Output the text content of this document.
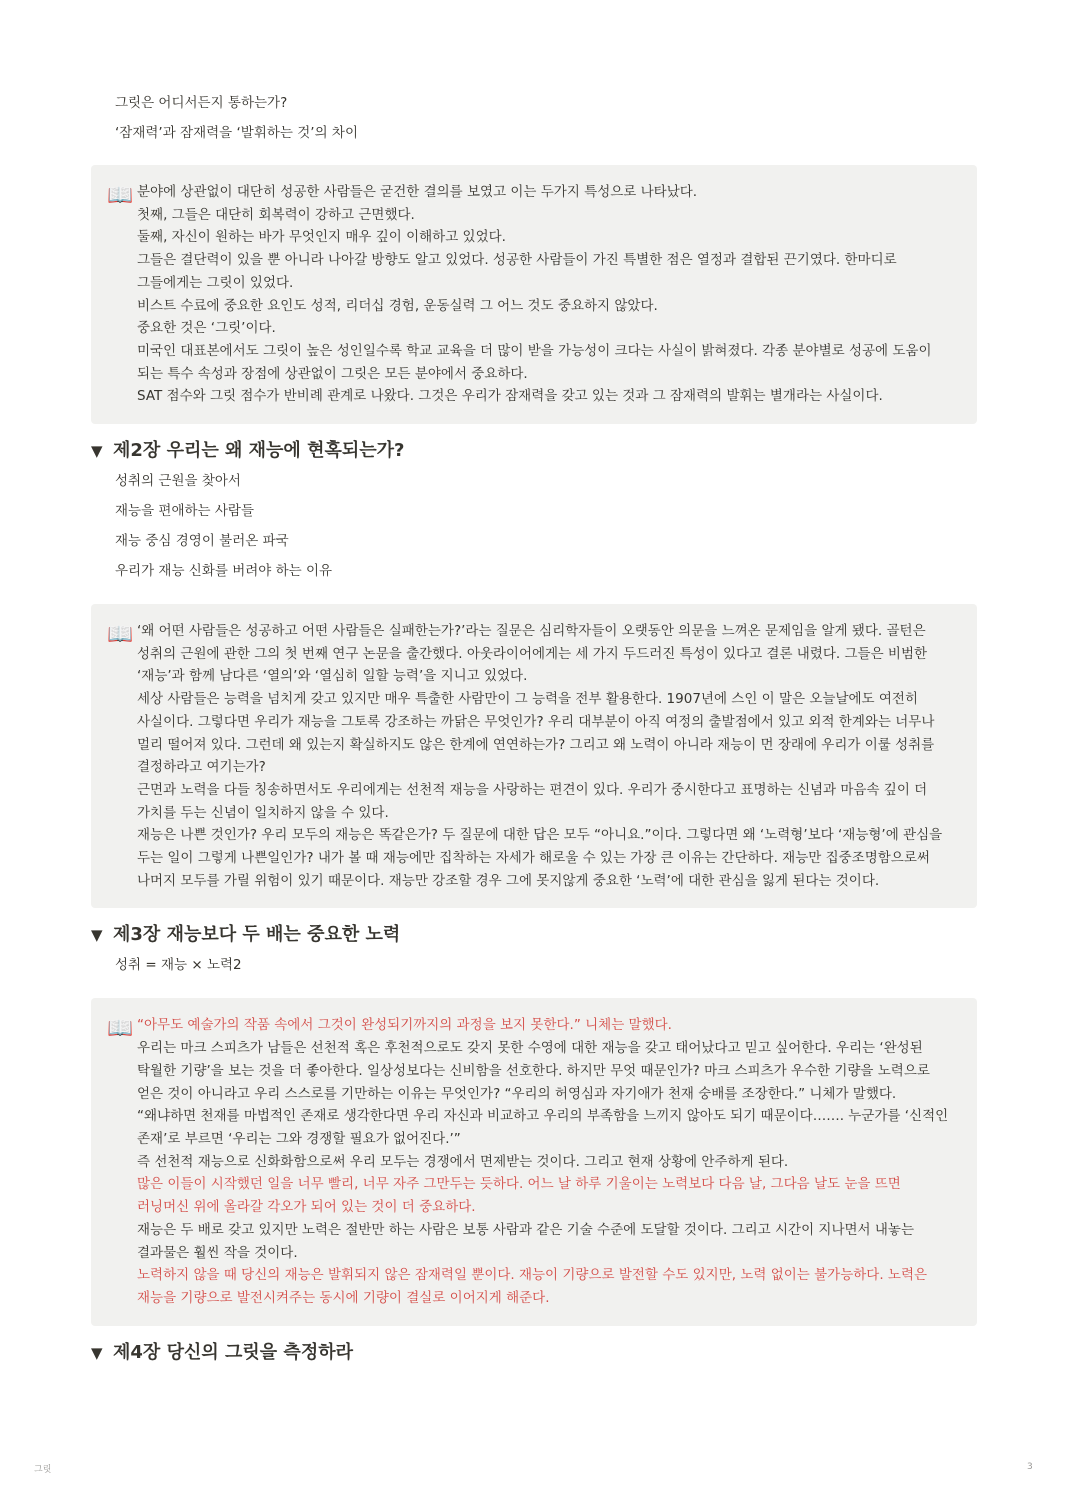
그릿은 어디서든지 통하는가?
‘잠재력’과 잠재력을 ‘발휘하는 것’의 차이
📖 분야에 상관없이 대단히 성공한 사람들은 굳건한 결의를 보였고 이는 두가지 특성으로 나타났다.
첫째, 그들은 대단히 회복력이 강하고 근면했다.
둘째, 자신이 원하는 바가 무엇인지 매우 깊이 이해하고 있었다.
그들은 결단력이 있을 뿐 아니라 나아갈 방향도 알고 있었다. 성공한 사람들이 가진 특별한 점은 열정과 결합된 끈기였다. 한마디로 그들에게는 그릿이 있었다.
비스트 수료에 중요한 요인도 성적, 리더십 경험, 운동실력 그 어느 것도 중요하지 않았다.
중요한 것은 ‘그릿’이다.
미국인 대표본에서도 그릿이 높은 성인일수록 학교 교육을 더 많이 받을 가능성이 크다는 사실이 밝혀졌다. 각종 분야별로 성공에 도움이 되는 특수 속성과 장점에 상관없이 그릿은 모든 분야에서 중요하다.
SAT 점수와 그릿 점수가 반비례 관계로 나왔다. 그것은 우리가 잠재력을 갖고 있는 것과 그 잠재력의 발휘는 별개라는 사실이다.
▼ 제2장 우리는 왜 재능에 현혹되는가?
성취의 근원을 찾아서
재능을 편애하는 사람들
재능 중심 경영이 불러온 파국
우리가 재능 신화를 버려야 하는 이유
📖 ‘왜 어떤 사람들은 성공하고 어떤 사람들은 실패한는가?’라는 질문은 심리학자들이 오랫동안 의문을 느껴온 문제임을 알게 됐다. 골턴은 성취의 근원에 관한 그의 첫 번째 연구 논문을 출간했다. 아웃라이어에게는 세 가지 두드러진 특성이 있다고 결론 내렸다. 그들은 비범한 ‘재능’과 함께 남다른 ‘열의’와 ‘열심히 일할 능력’을 지니고 있었다.
세상 사람들은 능력을 넘치게 갖고 있지만 매우 특출한 사람만이 그 능력을 전부 활용한다. 1907년에 스인 이 말은 오늘날에도 여전히 사실이다. 그렇다면 우리가 재능을 그토록 강조하는 까닭은 무엇인가? 우리 대부분이 아직 여정의 출발점에서 있고 외적 한계와는 너무나 멀리 떨어져 있다. 그런데 왜 있는지 확실하지도 않은 한계에 연연하는가? 그리고 왜 노력이 아니라 재능이 먼 장래에 우리가 이룰 성취를 결정하라고 여기는가?
근면과 노력을 다들 칭송하면서도 우리에게는 선천적 재능을 사랑하는 편견이 있다. 우리가 중시한다고 표명하는 신념과 마음속 깊이 더 가치를 두는 신념이 일치하지 않을 수 있다.
재능은 나쁜 것인가? 우리 모두의 재능은 똑같은가? 두 질문에 대한 답은 모두 “아니요.”이다. 그렇다면 왜 ‘노력형’보다 ‘재능형’에 관심을 두는 일이 그렇게 나쁜일인가? 내가 볼 때 재능에만 집착하는 자세가 해로울 수 있는 가장 큰 이유는 간단하다. 재능만 집중조명함으로써 나머지 모두를 가릴 위험이 있기 때문이다. 재능만 강조할 경우 그에 못지않게 중요한 ‘노력’에 대한 관심을 잃게 된다는 것이다.
▼ 제3장 재능보다 두 배는 중요한 노력
성취 = 재능 × 노력2
📖 “아무도 예술가의 작품 속에서 그것이 완성되기까지의 과정을 보지 못한다.” 니체는 말했다.
우리는 마크 스피츠가 남들은 선천적 혹은 후천적으로도 갖지 못한 수영에 대한 재능을 갖고 태어났다고 믿고 싶어한다. 우리는 ‘완성된 탁월한 기량’을 보는 것을 더 좋아한다. 일상성보다는 신비함을 선호한다. 하지만 무엇 때문인가? 마크 스피츠가 우수한 기량을 노력으로 얻은 것이 아니라고 우리 스스로를 기만하는 이유는 무엇인가? “우리의 허영심과 자기애가 천재 숭배를 조장한다.” 니체가 말했다. “왜냐하면 천재를 마법적인 존재로 생각한다면 우리 자신과 비교하고 우리의 부족함을 느끼지 않아도 되기 때문이다……. 누군가를 ‘신적인 존재’로 부르면 ‘우리는 그와 경쟁할 필요가 없어진다.’”
즉 선천적 재능으로 신화화함으로써 우리 모두는 경쟁에서 면제받는 것이다. 그리고 현재 상황에 안주하게 된다.
많은 이들이 시작했던 일을 너무 빨리, 너무 자주 그만두는 듯하다. 어느 날 하루 기울이는 노력보다 다음 날, 그다음 날도 눈을 뜨면 러닝머신 위에 올라갈 각오가 되어 있는 것이 더 중요하다.
재능은 두 배로 갖고 있지만 노력은 절반만 하는 사람은 보통 사람과 같은 기술 수준에 도달할 것이다. 그리고 시간이 지나면서 내놓는 결과물은 훨씬 작을 것이다.
노력하지 않을 때 당신의 재능은 발휘되지 않은 잠재력일 뿐이다. 재능이 기량으로 발전할 수도 있지만, 노력 없이는 불가능하다. 노력은 재능을 기량으로 발전시켜주는 동시에 기량이 결실로 이어지게 해준다.
▼ 제4장 당신의 그릿을 측정하라
그릿	3
